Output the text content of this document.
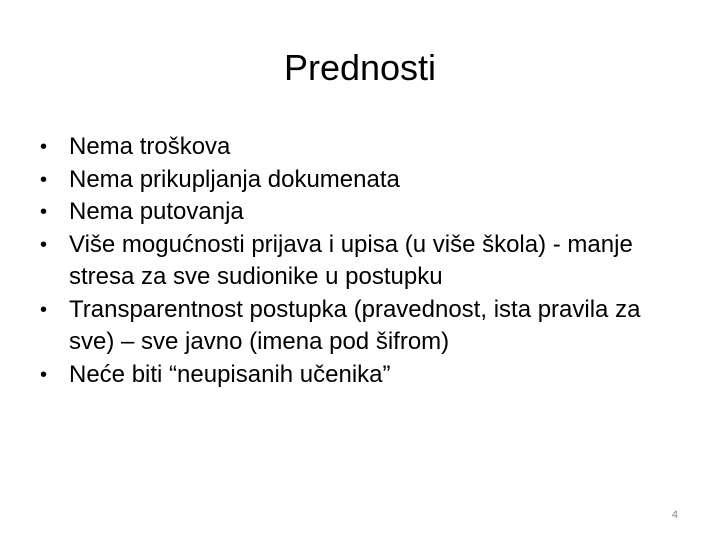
Prednosti
• Nema troškova
• Nema prikupljanja dokumenata
• Nema putovanja
• Više mogućnosti prijava i upisa (u više škola) - manje stresa za sve sudionike u postupku
• Transparentnost postupka (pravednost, ista pravila za sve) – sve javno (imena pod šifrom)
• Neće biti “neupisanih učenika”
4
